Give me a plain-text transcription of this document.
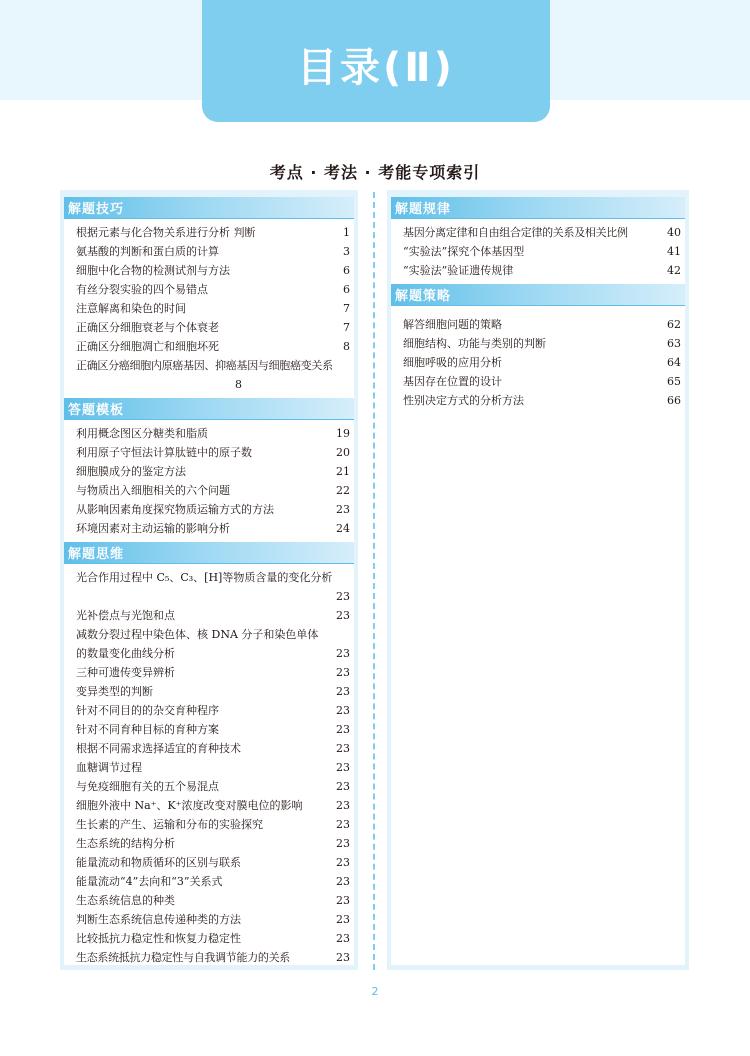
目录(Ⅱ)
考点 · 考法 · 考能专项索引
解题技巧
根据元素与化合物关系进行分析 判断	1
氨基酸的判断和蛋白质的计算	3
细胞中化合物的检测试剂与方法	6
有丝分裂实验的四个易错点	6
注意解离和染色的时间	7
正确区分细胞衰老与个体衰老	7
正确区分细胞凋亡和细胞坏死	8
正确区分癌细胞内原癌基因、抑癌基因与细胞癌变关系
8
答题模板
利用概念图区分糖类和脂质	19
利用原子守恒法计算肽链中的原子数	20
细胞膜成分的鉴定方法	21
与物质出入细胞相关的六个问题	22
从影响因素角度探究物质运输方式的方法	23
环境因素对主动运输的影响分析	24
解题思维
光合作用过程中 C₅、C₃、[H]等物质含量的变化分析
23
光补偿点与光饱和点	23
减数分裂过程中染色体、核 DNA 分子和染色单体的数量变化曲线分析	23
三种可遗传变异辨析	23
变异类型的判断	23
针对不同目的的杂交育种程序	23
针对不同育种目标的育种方案	23
根据不同需求选择适宜的育种技术	23
血糖调节过程	23
与免疫细胞有关的五个易混点	23
细胞外液中 Na⁺、K⁺浓度改变对膜电位的影响	23
生长素的产生、运输和分布的实验探究	23
生态系统的结构分析	23
能量流动和物质循环的区别与联系	23
能量流动“4”去向和“3”关系式	23
生态系统信息的种类	23
判断生态系统信息传递种类的方法	23
比较抵抗力稳定性和恢复力稳定性	23
生态系统抵抗力稳定性与自我调节能力的关系	23
解题规律
基因分离定律和自由组合定律的关系及相关比例	40
“实验法”探究个体基因型	41
“实验法”验证遗传规律	42
解题策略
解答细胞问题的策略	62
细胞结构、功能与类别的判断	63
细胞呼吸的应用分析	64
基因存在位置的设计	65
性别决定方式的分析方法	66
2
